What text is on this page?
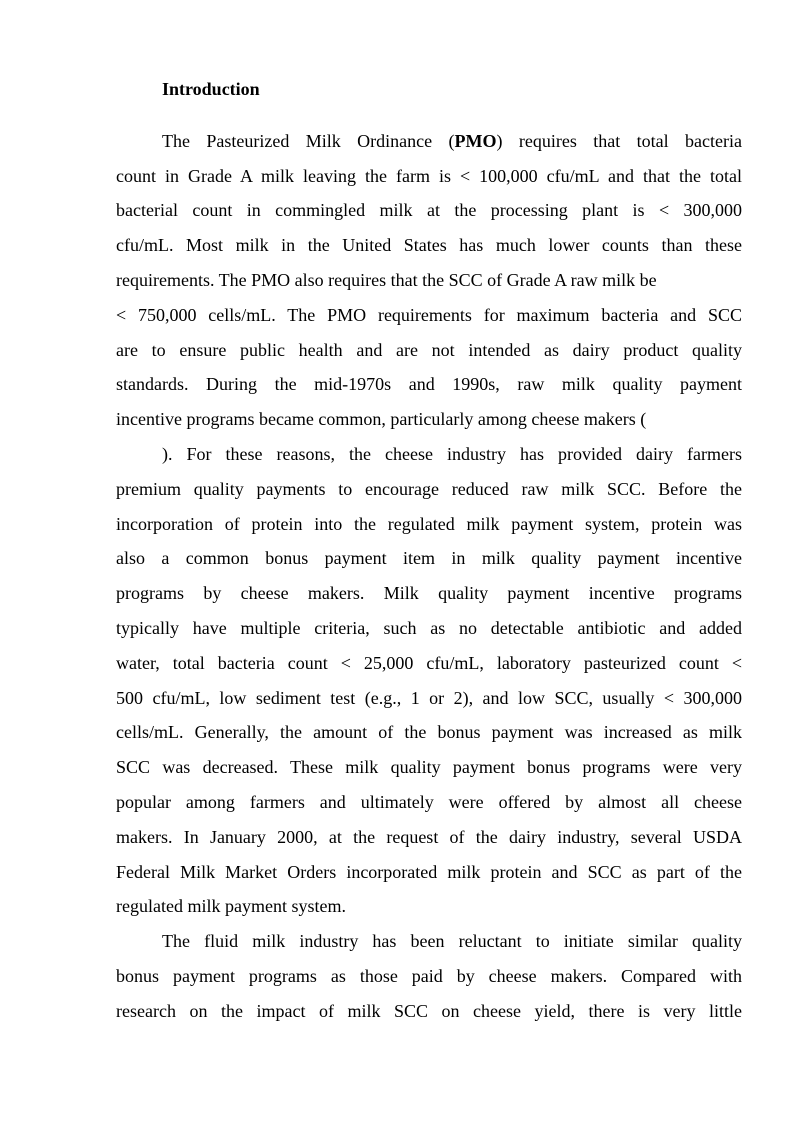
Introduction
The Pasteurized Milk Ordinance (PMO) requires that total bacteria
count in Grade A milk leaving the farm is < 100,000 cfu/mL and that the total
bacterial count in commingled milk at the processing plant is < 300,000
cfu/mL. Most milk in the United States has much lower counts than these
requirements. The PMO also requires that the SCC of Grade A raw milk be
< 750,000 cells/mL. The PMO requirements for maximum bacteria and SCC
are to ensure public health and are not intended as dairy product quality
standards. During the mid-1970s and 1990s, raw milk quality payment
incentive programs became common, particularly among cheese makers (
). For these reasons, the cheese industry has provided dairy farmers
premium quality payments to encourage reduced raw milk SCC. Before the
incorporation of protein into the regulated milk payment system, protein was
also a common bonus payment item in milk quality payment incentive
programs by cheese makers. Milk quality payment incentive programs
typically have multiple criteria, such as no detectable antibiotic and added
water, total bacteria count < 25,000 cfu/mL, laboratory pasteurized count <
500 cfu/mL, low sediment test (e.g., 1 or 2), and low SCC, usually < 300,000
cells/mL. Generally, the amount of the bonus payment was increased as milk
SCC was decreased. These milk quality payment bonus programs were very
popular among farmers and ultimately were offered by almost all cheese
makers. In January 2000, at the request of the dairy industry, several USDA
Federal Milk Market Orders incorporated milk protein and SCC as part of the
regulated milk payment system.
The fluid milk industry has been reluctant to initiate similar quality
bonus payment programs as those paid by cheese makers. Compared with
research on the impact of milk SCC on cheese yield, there is very little
